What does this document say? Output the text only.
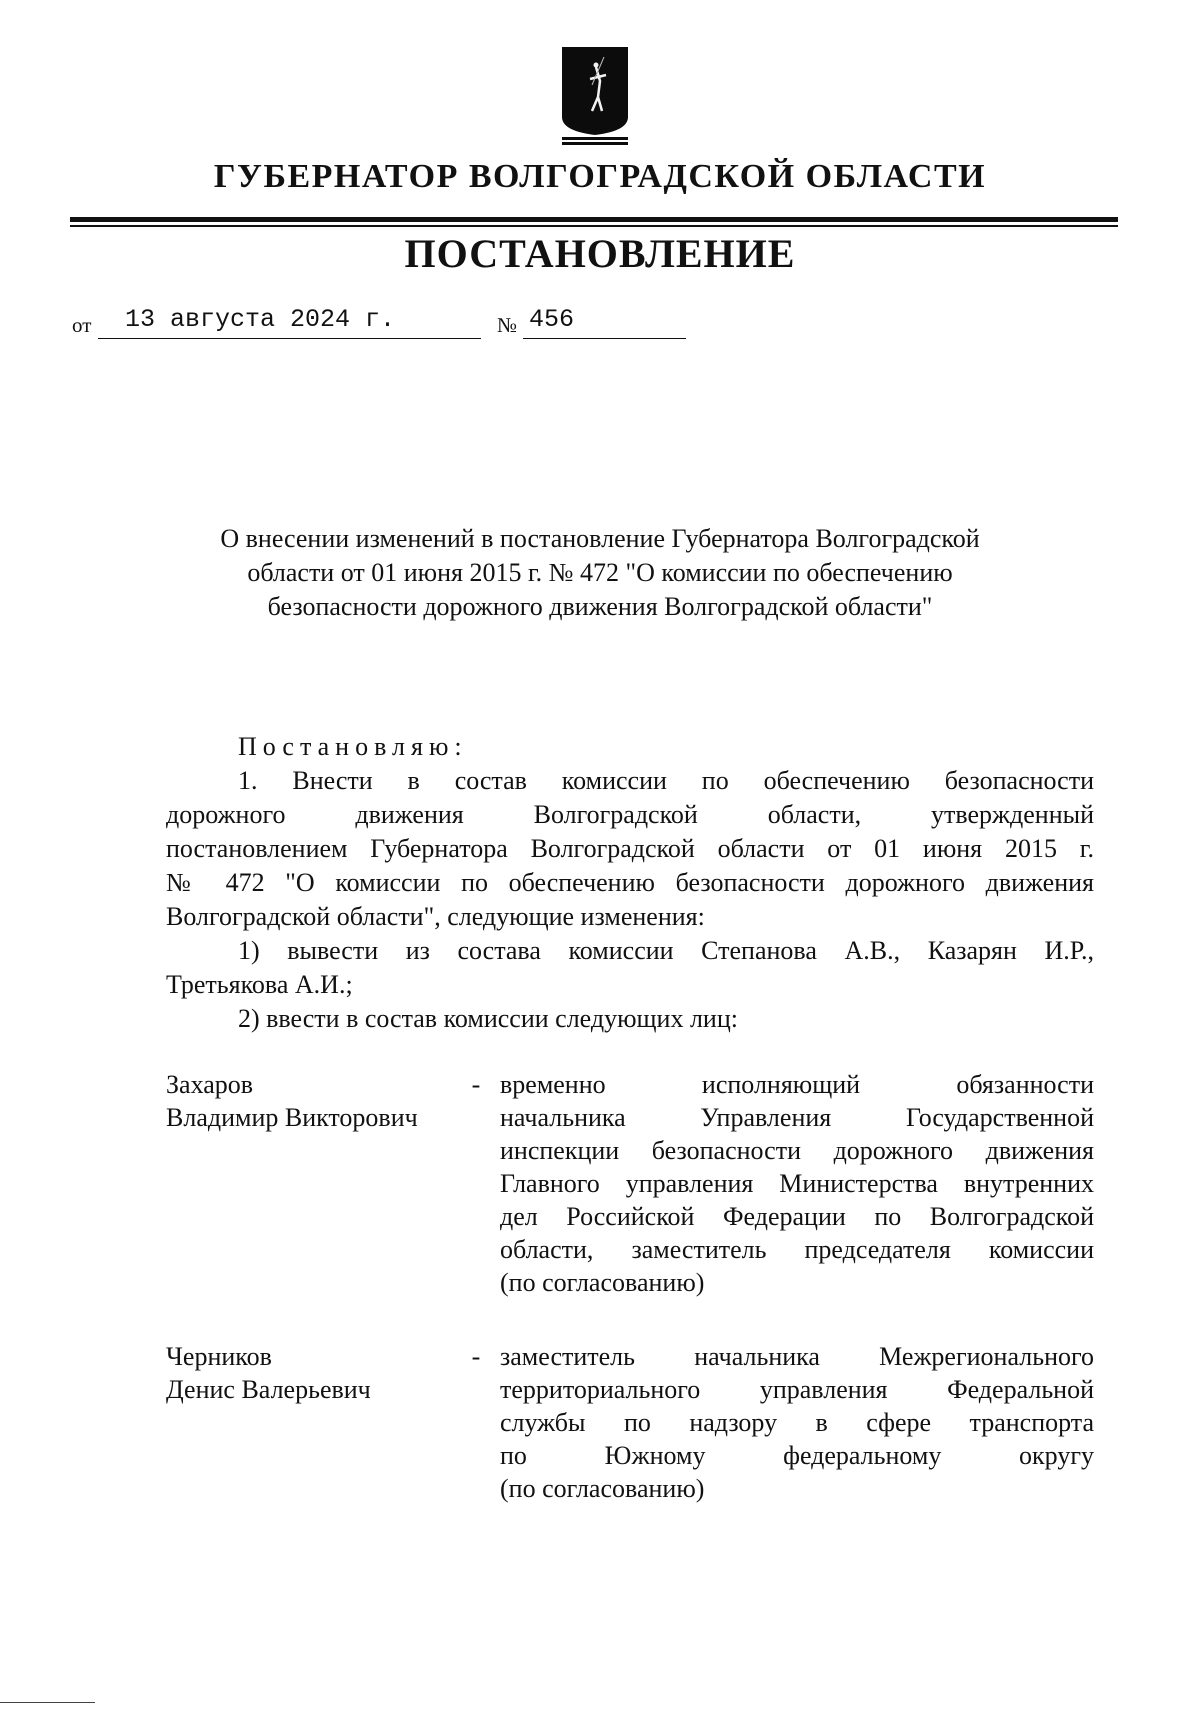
ГУБЕРНАТОР ВОЛГОГРАДСКОЙ ОБЛАСТИ
ПОСТАНОВЛЕНИЕ
от 13 августа 2024 г.	№ 456
О внесении изменений в постановление Губернатора Волгоградской
области от 01 июня 2015 г. № 472 "О комиссии по обеспечению
безопасности дорожного движения Волгоградской области"
Постановляю:
1. Внести в состав комиссии по обеспечению безопасности
дорожного движения Волгоградской области, утвержденный
постановлением Губернатора Волгоградской области от 01 июня 2015 г.
№ 472 "О комиссии по обеспечению безопасности дорожного движения
Волгоградской области", следующие изменения:
1) вывести из состава комиссии Степанова А.В., Казарян И.Р.,
Третьякова А.И.;
2) ввести в состав комиссии следующих лиц:
Захаров
Владимир Викторович
- временно исполняющий обязанности
начальника Управления Государственной
инспекции безопасности дорожного движения
Главного управления Министерства внутренних
дел Российской Федерации по Волгоградской
области, заместитель председателя комиссии
(по согласованию)
Черников
Денис Валерьевич
- заместитель начальника Межрегионального
территориального управления Федеральной
службы по надзору в сфере транспорта
по Южному федеральному округу
(по согласованию)
